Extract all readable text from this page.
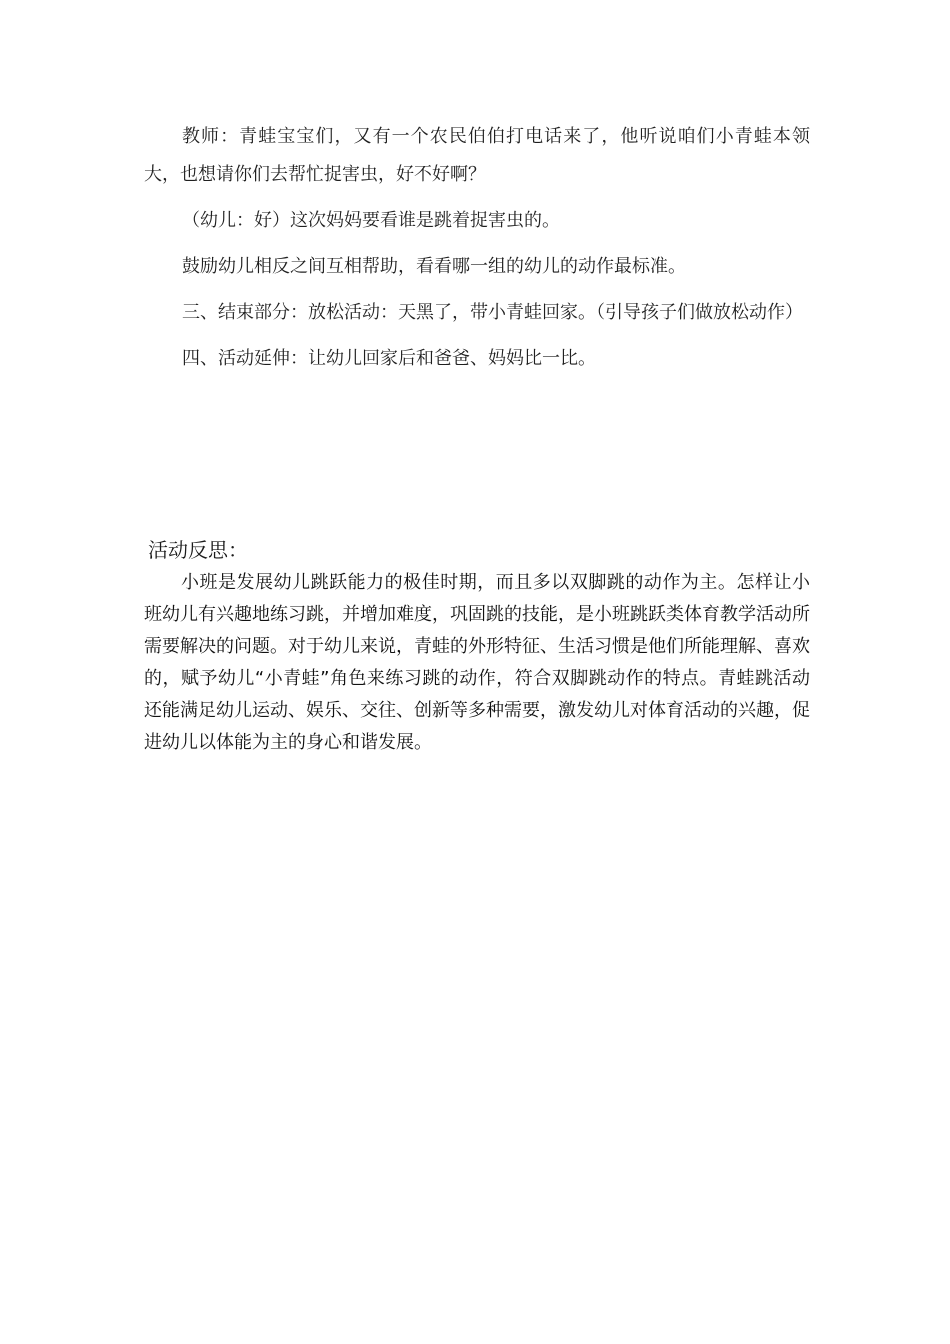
教师：青蛙宝宝们，又有一个农民伯伯打电话来了，他听说咱们小青蛙本领大，也想请你们去帮忙捉害虫，好不好啊？

（幼儿：好）这次妈妈要看谁是跳着捉害虫的。

鼓励幼儿相反之间互相帮助，看看哪一组的幼儿的动作最标准。

三、结束部分：放松活动：天黑了，带小青蛙回家。（引导孩子们做放松动作）

四、活动延伸：让幼儿回家后和爸爸、妈妈比一比。

活动反思：

小班是发展幼儿跳跃能力的极佳时期，而且多以双脚跳的动作为主。怎样让小班幼儿有兴趣地练习跳，并增加难度，巩固跳的技能，是小班跳跃类体育教学活动所需要解决的问题。对于幼儿来说，青蛙的外形特征、生活习惯是他们所能理解、喜欢的，赋予幼儿“小青蛙”角色来练习跳的动作，符合双脚跳动作的特点。青蛙跳活动还能满足幼儿运动、娱乐、交往、创新等多种需要，激发幼儿对体育活动的兴趣，促进幼儿以体能为主的身心和谐发展。
